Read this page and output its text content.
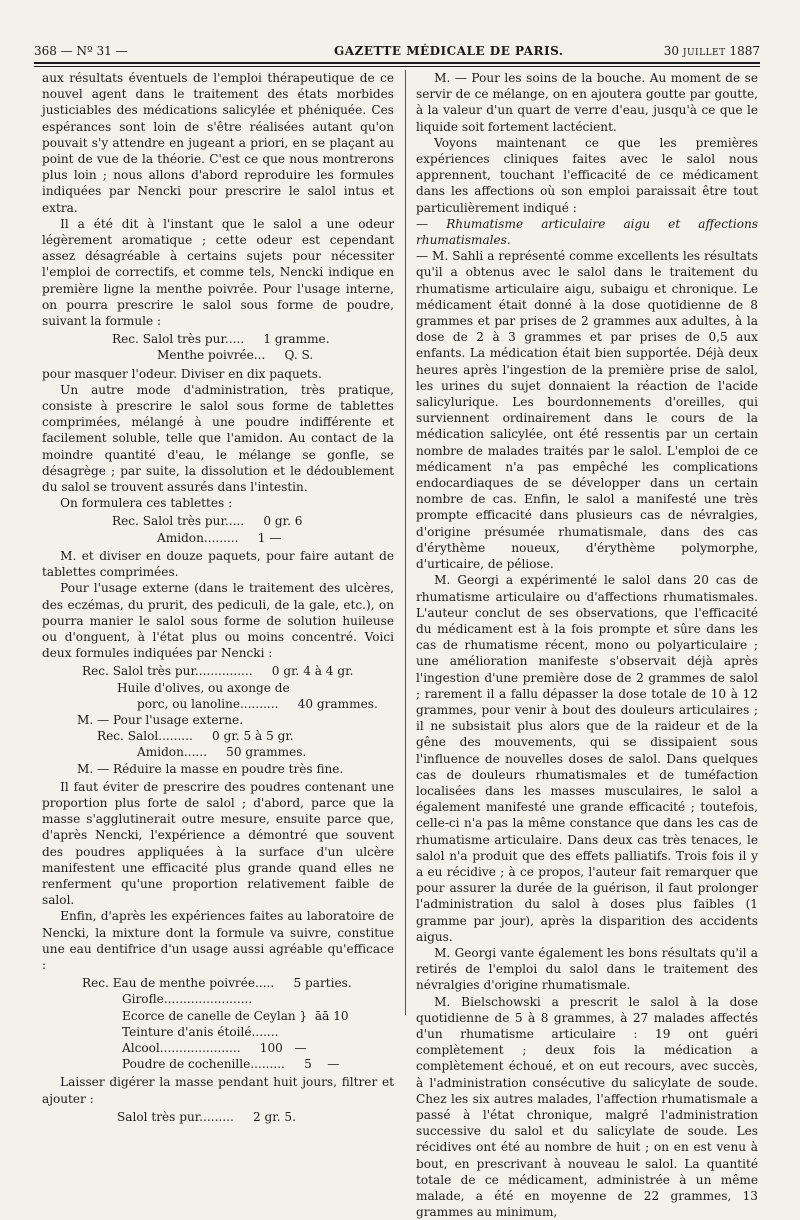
368 — Nº 31 —	GAZETTE MÉDICALE DE PARIS.	30 JUILLET 1887

aux résultats éventuels de l'emploi thérapeutique de ce nouvel agent dans le traitement des états morbides justiciables des médications salicylée et phéniquée. Ces espérances sont loin de s'être réalisées autant qu'on pouvait s'y attendre en jugeant a priori, en se plaçant au point de vue de la théorie. C'est ce que nous montrerons plus loin ; nous allons d'abord reproduire les formules indiquées par Nencki pour prescrire le salol intus et extra.

Il a été dit à l'instant que le salol a une odeur légèrement aromatique ; cette odeur est cependant assez désagréable à certains sujets pour nécessiter l'emploi de correctifs, et comme tels, Nencki indique en première ligne la menthe poivrée. Pour l'usage interne, on pourra prescrire le salol sous forme de poudre, suivant la formule :

Rec. Salol très pur.....     1 gramme.
Menthe poivrée...     Q. S.

pour masquer l'odeur. Diviser en dix paquets.

Un autre mode d'administration, très pratique, consiste à prescrire le salol sous forme de tablettes comprimées, mélangé à une poudre indifférente et facilement soluble, telle que l'amidon. Au contact de la moindre quantité d'eau, le mélange se gonfle, se désagrège ; par suite, la dissolution et le dédoublement du salol se trouvent assurés dans l'intestin.

On formulera ces tablettes :

Rec. Salol très pur.....     0 gr. 6
Amidon.........     1 —

M. et diviser en douze paquets, pour faire autant de tablettes comprimées.

Pour l'usage externe (dans le traitement des ulcères, des eczémas, du prurit, des pediculi, de la gale, etc.), on pourra manier le salol sous forme de solution huileuse ou d'onguent, à l'état plus ou moins concentré. Voici deux formules indiquées par Nencki :

Rec. Salol très pur...............     0 gr. 4 à 4 gr.
Huile d'olives, ou axonge de
porc, ou lanoline..........     40 grammes.
M. — Pour l'usage externe.
Rec. Salol.........     0 gr. 5 à 5 gr.
Amidon......     50 grammes.
M. — Réduire la masse en poudre très fine.

Il faut éviter de prescrire des poudres contenant une proportion plus forte de salol ; d'abord, parce que la masse s'agglutinerait outre mesure, ensuite parce que, d'après Nencki, l'expérience a démontré que souvent des poudres appliquées à la surface d'un ulcère manifestent une efficacité plus grande quand elles ne renferment qu'une proportion relativement faible de salol.

Enfin, d'après les expériences faites au laboratoire de Nencki, la mixture dont la formule va suivre, constitue une eau dentifrice d'un usage aussi agréable qu'efficace :

Rec. Eau de menthe poivrée.....     5 parties.
Girofle.......................
Ecorce de canelle de Ceylan }  āā 10
Teinture d'anis étoilé.......
Alcool.....................     100   —
Poudre de cochenille.........     5    —

Laisser digérer la masse pendant huit jours, filtrer et ajouter :

Salol très pur.........     2 gr. 5.

M. — Pour les soins de la bouche. Au moment de se servir de ce mélange, on en ajoutera goutte par goutte, à la valeur d'un quart de verre d'eau, jusqu'à ce que le liquide soit fortement lactécient.

Voyons maintenant ce que les premières expériences cliniques faites avec le salol nous apprennent, touchant l'efficacité de ce médicament dans les affections où son emploi paraissait être tout particulièrement indiqué :

— Rhumatisme articulaire aigu et affections rhumatismales.

— M. Sahli a représenté comme excellents les résultats qu'il a obtenus avec le salol dans le traitement du rhumatisme articulaire aigu, subaigu et chronique. Le médicament était donné à la dose quotidienne de 8 grammes et par prises de 2 grammes aux adultes, à la dose de 2 à 3 grammes et par prises de 0,5 aux enfants. La médication était bien supportée. Déjà deux heures après l'ingestion de la première prise de salol, les urines du sujet donnaient la réaction de l'acide salicylurique. Les bourdonnements d'oreilles, qui surviennent ordinairement dans le cours de la médication salicylée, ont été ressentis par un certain nombre de malades traités par le salol. L'emploi de ce médicament n'a pas empêché les complications endocardiaques de se développer dans un certain nombre de cas. Enfin, le salol a manifesté une très prompte efficacité dans plusieurs cas de névralgies, d'origine présumée rhumatismale, dans des cas d'érythème noueux, d'érythème polymorphe, d'urticaire, de péliose.

M. Georgi a expérimenté le salol dans 20 cas de rhumatisme articulaire ou d'affections rhumatismales. L'auteur conclut de ses observations, que l'efficacité du médicament est à la fois prompte et sûre dans les cas de rhumatisme récent, mono ou polyarticulaire ; une amélioration manifeste s'observait déjà après l'ingestion d'une première dose de 2 grammes de salol ; rarement il a fallu dépasser la dose totale de 10 à 12 grammes, pour venir à bout des douleurs articulaires ; il ne subsistait plus alors que de la raideur et de la gêne des mouvements, qui se dissipaient sous l'influence de nouvelles doses de salol. Dans quelques cas de douleurs rhumatismales et de tuméfaction localisées dans les masses musculaires, le salol a également manifesté une grande efficacité ; toutefois, celle-ci n'a pas la même constance que dans les cas de rhumatisme articulaire. Dans deux cas très tenaces, le salol n'a produit que des effets palliatifs. Trois fois il y a eu récidive ; à ce propos, l'auteur fait remarquer que pour assurer la durée de la guérison, il faut prolonger l'administration du salol à doses plus faibles (1 gramme par jour), après la disparition des accidents aigus.

M. Georgi vante également les bons résultats qu'il a retirés de l'emploi du salol dans le traitement des névralgies d'origine rhumatismale.

M. Bielschowski a prescrit le salol à la dose quotidienne de 5 à 8 grammes, à 27 malades affectés d'un rhumatisme articulaire : 19 ont guéri complètement ; deux fois la médication a complètement échoué, et on eut recours, avec succès, à l'administration consécutive du salicylate de soude. Chez les six autres malades, l'affection rhumatismale a passé à l'état chronique, malgré l'administration successive du salol et du salicylate de soude. Les récidives ont été au nombre de huit ; on en est venu à bout, en prescrivant à nouveau le salol. La quantité totale de ce médicament, administrée à un même malade, a été en moyenne de 22 grammes, 13 grammes au minimum,
